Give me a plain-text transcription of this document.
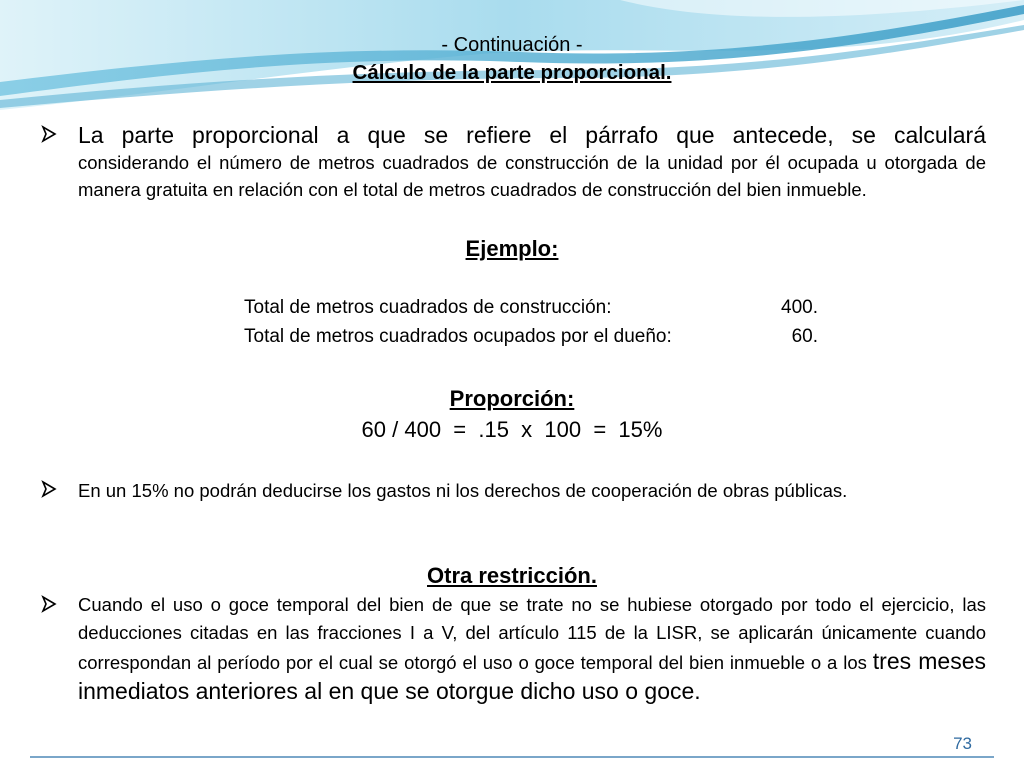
- Continuación -
Cálculo de la parte proporcional.
La parte proporcional a que se refiere el párrafo que antecede, se calculará
considerando el número de metros cuadrados de construcción de la unidad por él ocupada u otorgada de manera gratuita en relación con el total de metros cuadrados de construcción del bien inmueble.
Ejemplo:
Total de metros cuadrados de construcción:	400.
Total de metros cuadrados ocupados por el dueño:	60.
Proporción:
60 / 400  =  .15  x  100  =  15%
En un 15% no podrán deducirse los gastos ni los derechos de cooperación de obras públicas.
Otra restricción.
Cuando el uso o goce temporal del bien de que se trate no se hubiese otorgado por todo el ejercicio, las deducciones citadas en las fracciones I a V, del artículo 115 de la LISR, se aplicarán únicamente cuando correspondan al período por el cual se otorgó el uso o goce temporal del bien inmueble o a los tres meses inmediatos anteriores al en que se otorgue dicho uso o goce.
73
